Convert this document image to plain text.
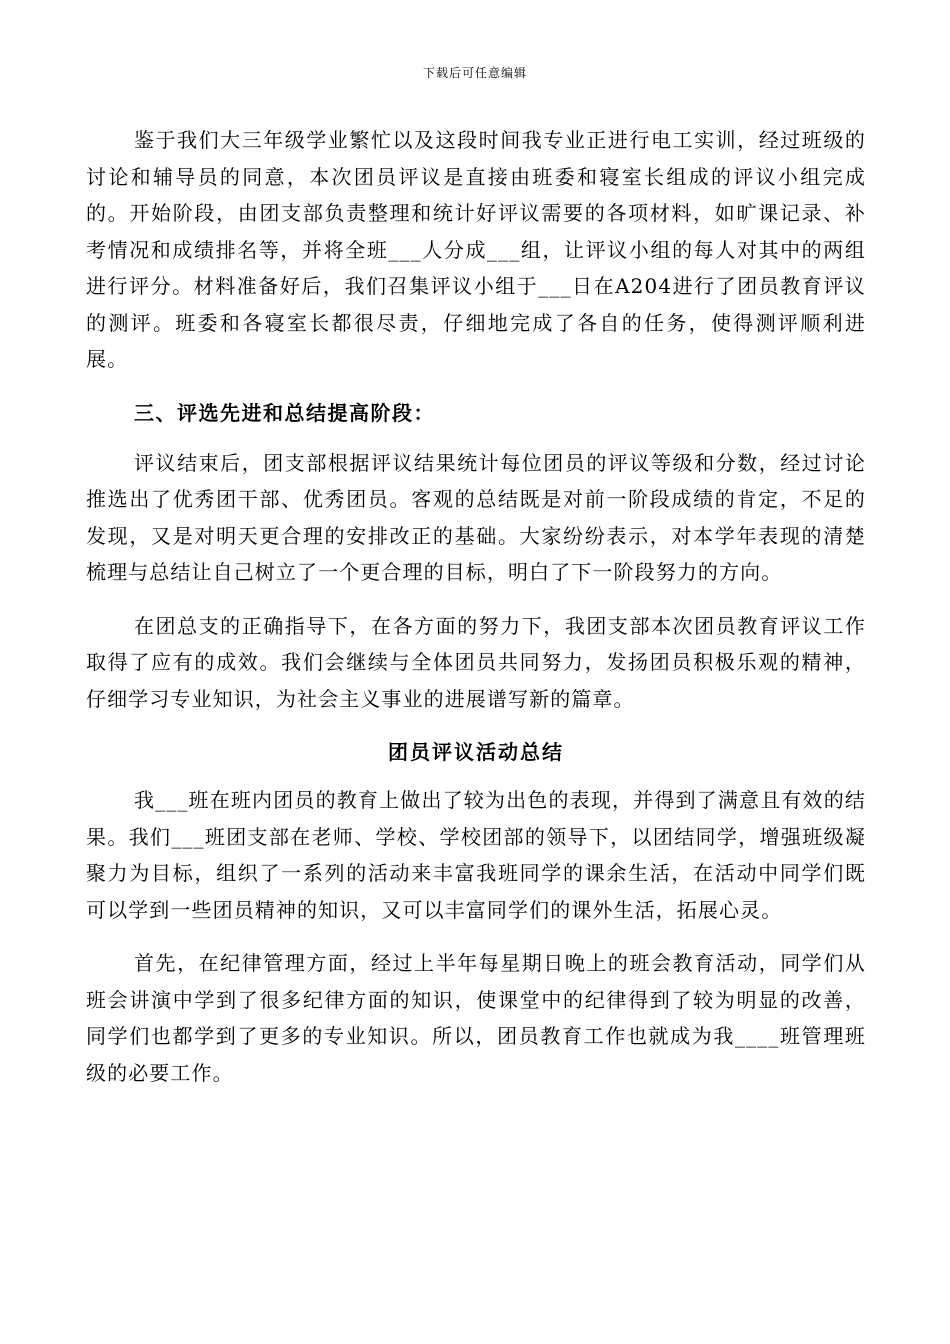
下载后可任意编辑

鉴于我们大三年级学业繁忙以及这段时间我专业正进行电工实训，经过班级的讨论和辅导员的同意，本次团员评议是直接由班委和寝室长组成的评议小组完成的。开始阶段，由团支部负责整理和统计好评议需要的各项材料，如旷课记录、补考情况和成绩排名等，并将全班___人分成___组，让评议小组的每人对其中的两组进行评分。材料准备好后，我们召集评议小组于___日在A204进行了团员教育评议的测评。班委和各寝室长都很尽责，仔细地完成了各自的任务，使得测评顺利进展。

三、评选先进和总结提高阶段：

评议结束后，团支部根据评议结果统计每位团员的评议等级和分数，经过讨论推选出了优秀团干部、优秀团员。客观的总结既是对前一阶段成绩的肯定，不足的发现，又是对明天更合理的安排改正的基础。大家纷纷表示，对本学年表现的清楚梳理与总结让自己树立了一个更合理的目标，明白了下一阶段努力的方向。

在团总支的正确指导下，在各方面的努力下，我团支部本次团员教育评议工作取得了应有的成效。我们会继续与全体团员共同努力，发扬团员积极乐观的精神，仔细学习专业知识，为社会主义事业的进展谱写新的篇章。

团员评议活动总结

我___班在班内团员的教育上做出了较为出色的表现，并得到了满意且有效的结果。我们___班团支部在老师、学校、学校团部的领导下，以团结同学，增强班级凝聚力为目标，组织了一系列的活动来丰富我班同学的课余生活，在活动中同学们既可以学到一些团员精神的知识，又可以丰富同学们的课外生活，拓展心灵。

首先，在纪律管理方面，经过上半年每星期日晚上的班会教育活动，同学们从班会讲演中学到了很多纪律方面的知识，使课堂中的纪律得到了较为明显的改善，同学们也都学到了更多的专业知识。所以，团员教育工作也就成为我____班管理班级的必要工作。
